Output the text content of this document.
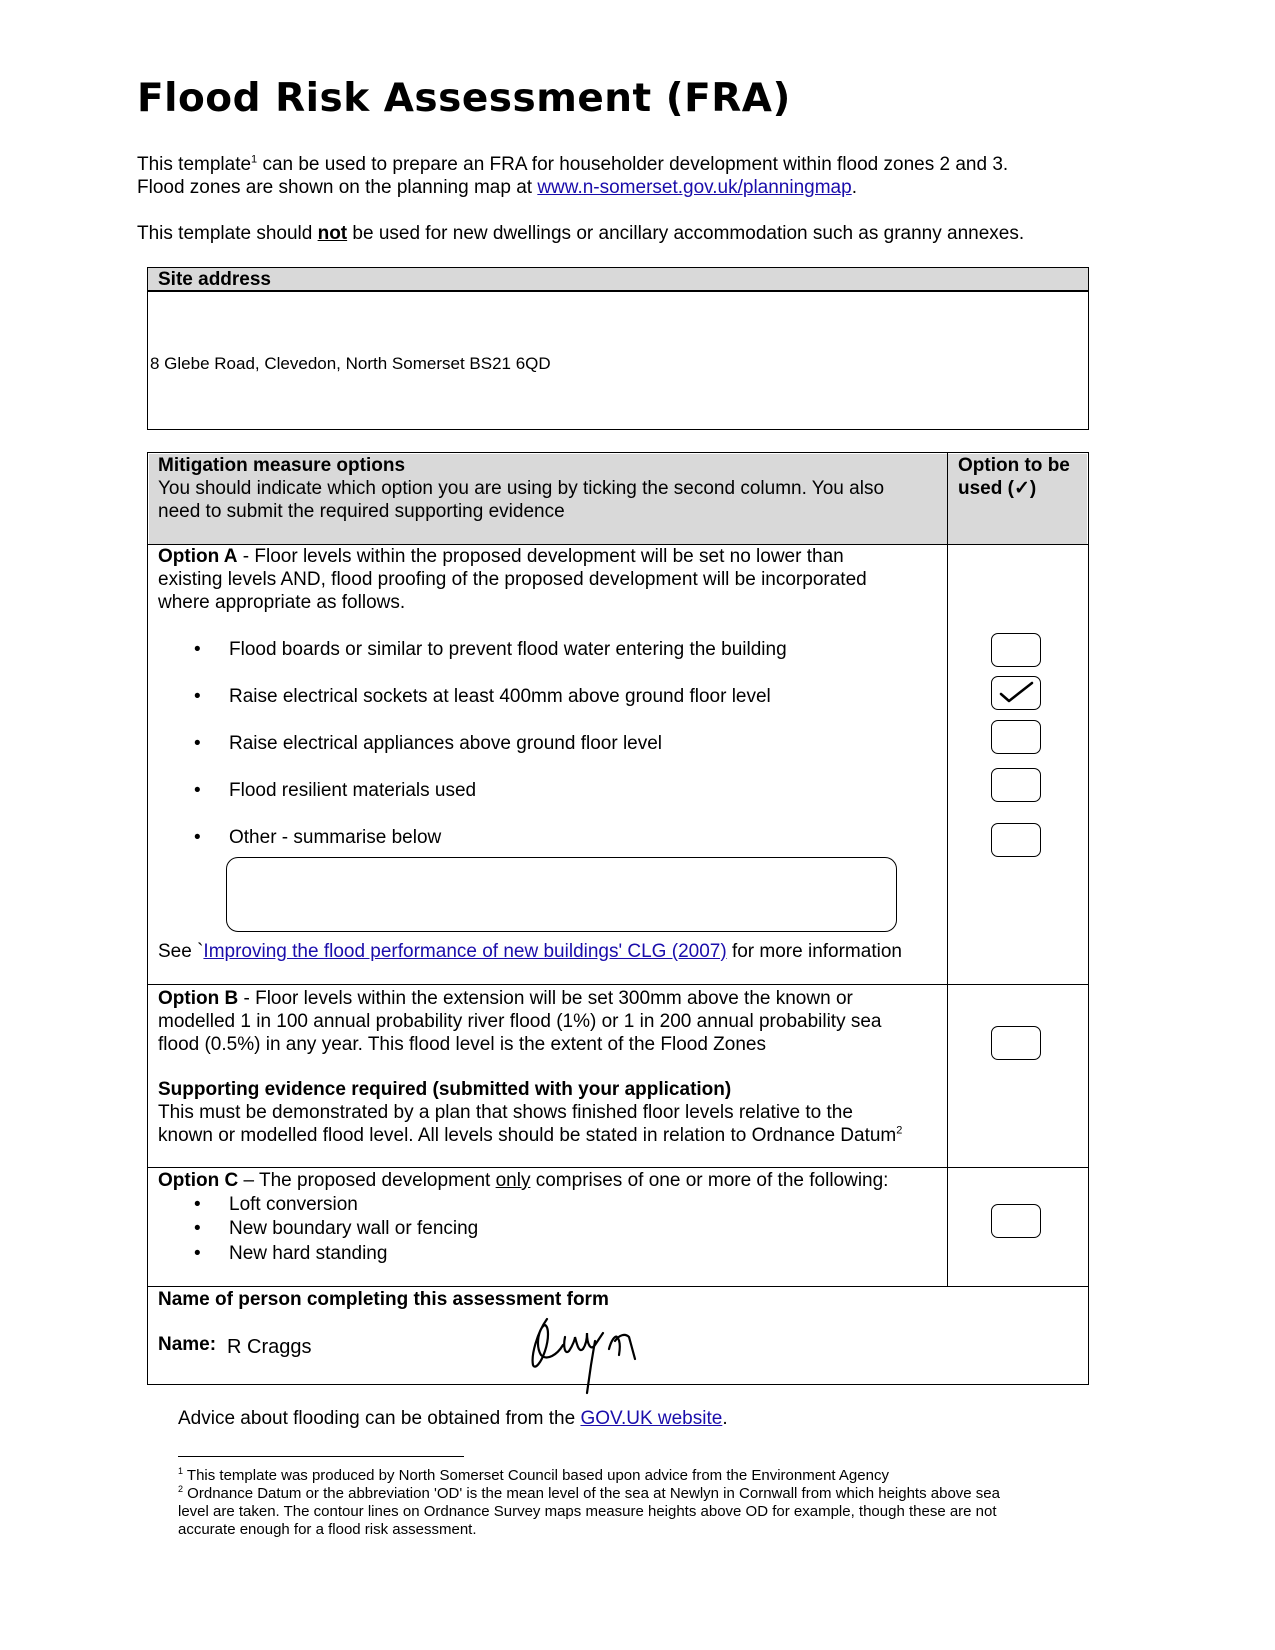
Flood Risk Assessment (FRA)
This template$^1$ can be used to prepare an FRA for householder development within flood zones 2 and 3.
Flood zones are shown on the planning map at www.n-somerset.gov.uk/planningmap.
This template should not be used for new dwellings or ancillary accommodation such as granny annexes.
Site address
8 Glebe Road, Clevedon, North Somerset BS21 6QD
Mitigation measure options
You should indicate which option you are using by ticking the second column. You also
need to submit the required supporting evidence
Option to be
used (✓)
Option A - Floor levels within the proposed development will be set no lower than
existing levels AND, flood proofing of the proposed development will be incorporated
where appropriate as follows.
• Flood boards or similar to prevent flood water entering the building
• Raise electrical sockets at least 400mm above ground floor level
• Raise electrical appliances above ground floor level
• Flood resilient materials used
• Other - summarise below
See `Improving the flood performance of new buildings' CLG (2007) for more information
Option B - Floor levels within the extension will be set 300mm above the known or
modelled 1 in 100 annual probability river flood (1%) or 1 in 200 annual probability sea
flood (0.5%) in any year. This flood level is the extent of the Flood Zones
Supporting evidence required (submitted with your application)
This must be demonstrated by a plan that shows finished floor levels relative to the
known or modelled flood level. All levels should be stated in relation to Ordnance Datum$^2$
Option C – The proposed development only comprises of one or more of the following:
• Loft conversion
• New boundary wall or fencing
• New hard standing
Name of person completing this assessment form
Name: R Craggs
Advice about flooding can be obtained from the GOV.UK website.
$^1$ This template was produced by North Somerset Council based upon advice from the Environment Agency
$^2$ Ordnance Datum or the abbreviation 'OD' is the mean level of the sea at Newlyn in Cornwall from which heights above sea
level are taken. The contour lines on Ordnance Survey maps measure heights above OD for example, though these are not
accurate enough for a flood risk assessment.
